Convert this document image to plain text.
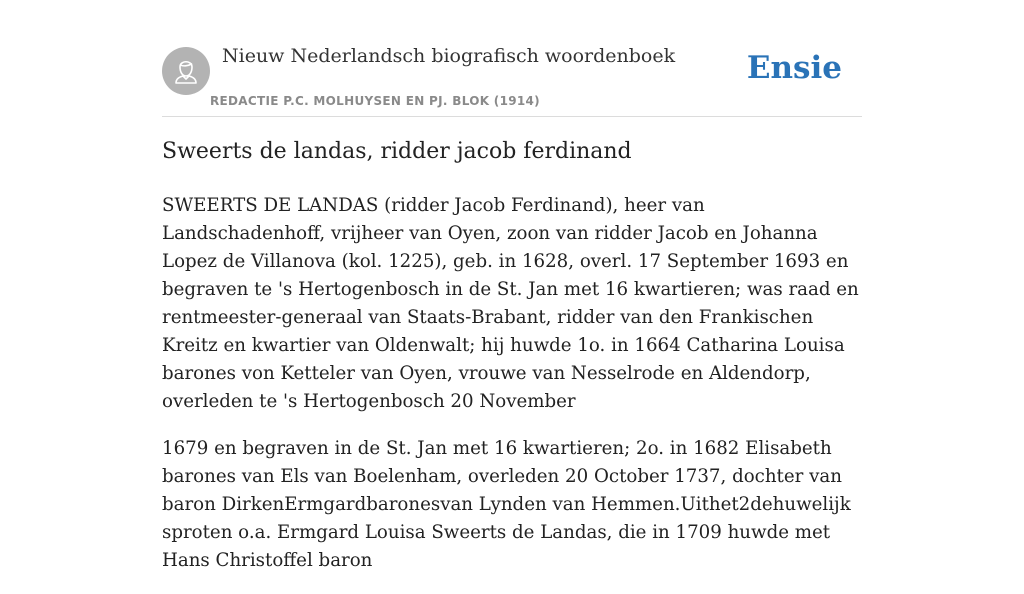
Nieuw Nederlandsch biografisch woordenboek
REDACTIE P.C. MOLHUYSEN EN PJ. BLOK (1914)
Ensie
Sweerts de landas, ridder jacob ferdinand

SWEERTS DE LANDAS (ridder Jacob Ferdinand), heer van Landschadenhoff, vrijheer van Oyen, zoon van ridder Jacob en Johanna Lopez de Villanova (kol. 1225), geb. in 1628, overl. 17 September 1693 en begraven te 's Hertogenbosch in de St. Jan met 16 kwartieren; was raad en rentmeester-generaal van Staats-Brabant, ridder van den Frankischen Kreitz en kwartier van Oldenwalt; hij huwde 1o. in 1664 Catharina Louisa barones von Ketteler van Oyen, vrouwe van Nesselrode en Aldendorp, overleden te 's Hertogenbosch 20 November

1679 en begraven in de St. Jan met 16 kwartieren; 2o. in 1682 Elisabeth barones van Els van Boelenham, overleden 20 October 1737, dochter van baron DirkenErmgardbaronesvan Lynden van Hemmen.Uithet2dehuwelijk sproten o.a. Ermgard Louisa Sweerts de Landas, die in 1709 huwde met Hans Christoffel baron
